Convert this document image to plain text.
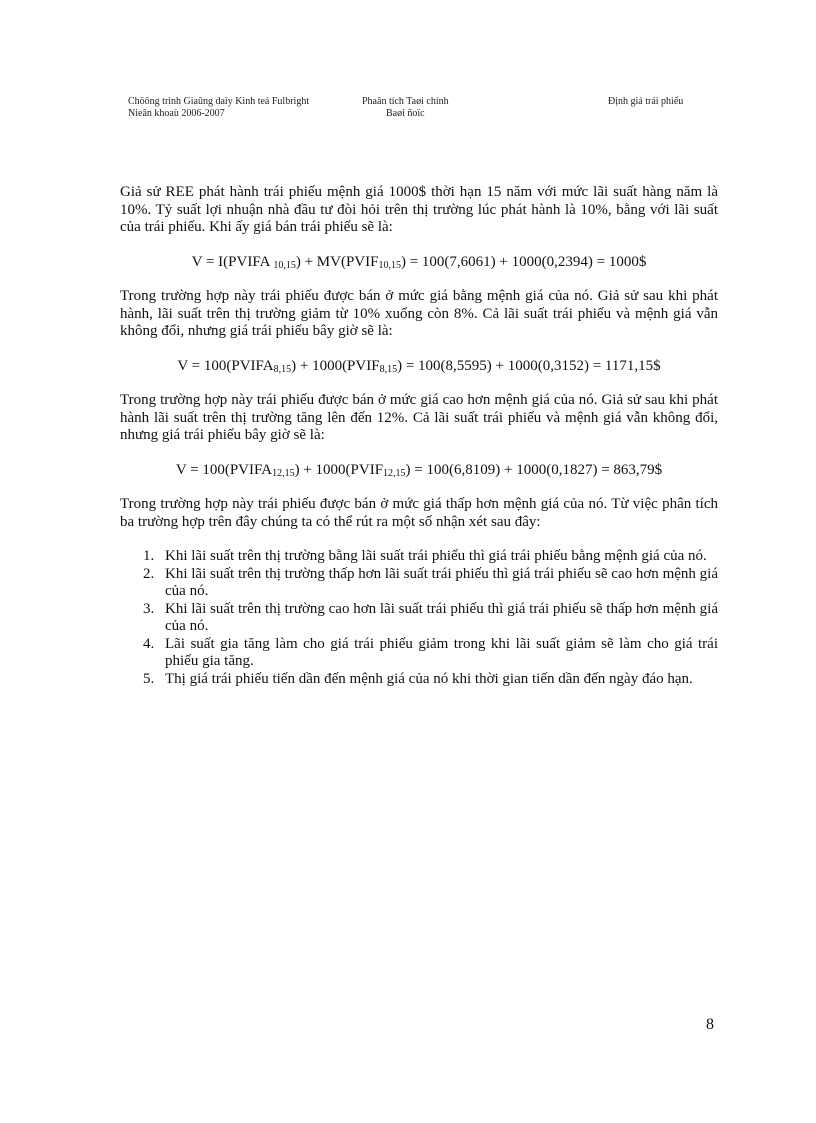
Chöông trình Giaûng daïy Kinh teá Fulbright
Nieân khoaù 2006-2007
Phaân tích Taøi chính
Baøi ñoïc
Định giá trái phiếu

Giả sử REE phát hành trái phiếu mệnh giá 1000$ thời hạn 15 năm với mức lãi suất hàng năm là 10%. Tỷ suất lợi nhuận nhà đầu tư đòi hỏi trên thị trường lúc phát hành là 10%, bằng với lãi suất của trái phiếu. Khi ấy giá bán trái phiếu sẽ là:

V = I(PVIFA $_{10,15}) + MV(PVIF_{10,15}) = 100(7,6061) + 1000(0,2394)$ = 1000$

Trong trường hợp này trái phiếu được bán ở mức giá bằng mệnh giá của nó. Giả sử sau khi phát hành, lãi suất trên thị trường giảm từ 10% xuống còn 8%. Cả lãi suất trái phiếu và mệnh giá vẫn không đổi, nhưng giá trái phiếu bây giờ sẽ là:

$V = 100(PVIFA_{8,15})$ + $1000(PVIF_{8,15}) = 100(8,5595) + 1000(0,3152)$ = 1171,15$

Trong trường hợp này trái phiếu được bán ở mức giá cao hơn mệnh giá của nó. Giả sử sau khi phát hành lãi suất trên thị trường tăng lên đến 12%. Cả lãi suất trái phiếu và mệnh giá vẫn không đổi, nhưng giá trái phiếu bây giờ sẽ là:

$V = 100(PVIFA_{12,15})$ + $1000(PVIF_{12,15}) = 100(6,8109) + 1000(0,1827)$ = 863,79$

Trong trường hợp này trái phiếu được bán ở mức giá thấp hơn mệnh giá của nó. Từ việc phân tích ba trường hợp trên đây chúng ta có thể rút ra một số nhận xét sau đây:

1. Khi lãi suất trên thị trường bằng lãi suất trái phiếu thì giá trái phiếu bằng mệnh giá của nó.
2. Khi lãi suất trên thị trường thấp hơn lãi suất trái phiếu thì giá trái phiếu sẽ cao hơn mệnh giá của nó.
3. Khi lãi suất trên thị trường cao hơn lãi suất trái phiếu thì giá trái phiếu sẽ thấp hơn mệnh giá của nó.
4. Lãi suất gia tăng làm cho giá trái phiếu giảm trong khi lãi suất giảm sẽ làm cho giá trái phiếu gia tăng.
5. Thị giá trái phiếu tiến dần đến mệnh giá của nó khi thời gian tiến dần đến ngày đáo hạn.
8
